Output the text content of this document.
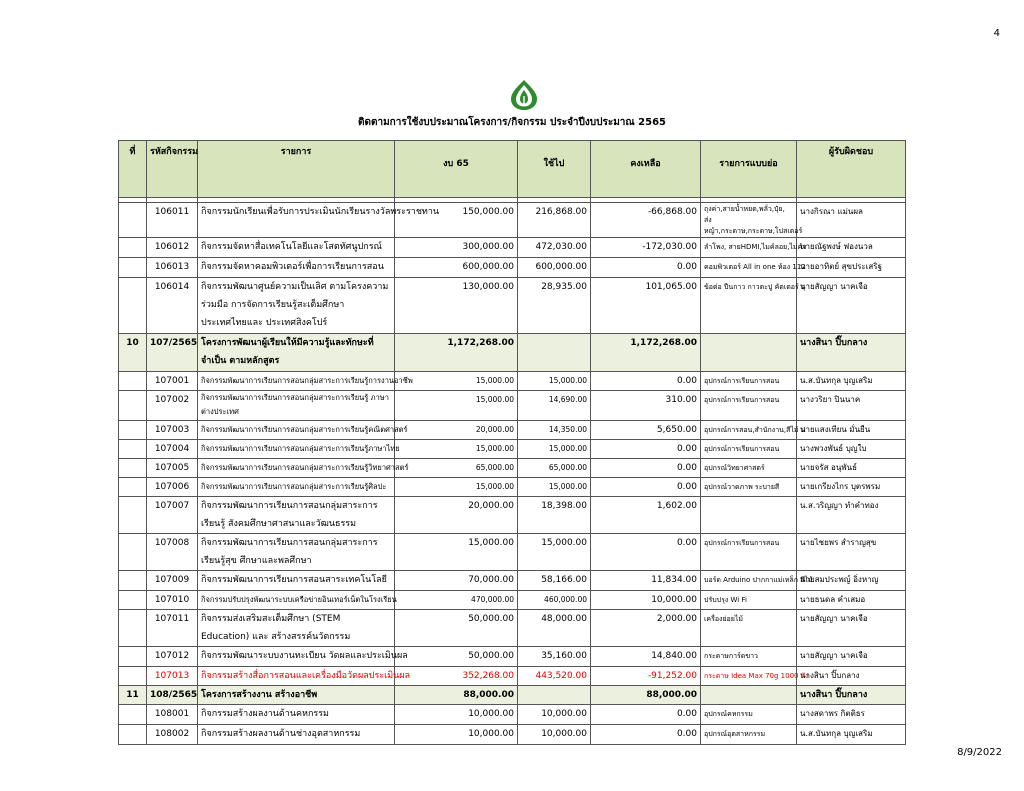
4
ติดตามการใช้งบประมาณโครงการ/กิจกรรม ประจำปีงบประมาณ 2565
ที่	รหัสกิจกรรม	รายการ	งบ 65	ใช้ไป	คงเหลือ	รายการแบบย่อ	ผู้รับผิดชอบ

	106011	กิจกรรมนักเรียนเพื่อรับการประเมินนักเรียนรางวัลพระราชทาน	150,000.00	216,868.00	-66,868.00	ถุงค่า,สายน้ำหยด,พลั่ว,ปุ๋ย, ส่งหญ้า,กระดาษ,กระดาษ,โปสเตอร์	นางกิรณา แม่นผล
	106012	กิจกรรมจัดหาสื่อเทคโนโลยีและโสตทัศนูปกรณ์	300,000.00	472,030.00	-172,030.00	ลำโพง, สายHDMI,ไมค์ลอย,ไมค์ฯ	นายณัฐพงษ์ ฟองนวล
	106013	กิจกรรมจัดหาคอมพิวเตอร์เพื่อการเรียนการสอน	600,000.00	600,000.00	0.00	คอมพิวเตอร์ All in one ห้อง 112	นายอาทิตย์ สุขประเสริฐ
	106014	กิจกรรมพัฒนาศูนย์ความเป็นเลิศ ตามโครงความร่วมมือ การจัดการเรียนรู้สะเต็มศึกษา ประเทศไทยและ ประเทศสิงคโปร์	130,000.00	28,935.00	101,065.00	ข้อต่อ ปืนกาว กาวตะปู คัตเตอร์ อุ	นายสัญญา นาคเจือ
10	107/2565	โครงการพัฒนาผู้เรียนให้มีความรู้และทักษะที่จำเป็น ตามหลักสูตร	1,172,268.00		1,172,268.00		นางสินา ปิ๊บกลาง
	107001	กิจกรรมพัฒนาการเรียนการสอนกลุ่มสาระการเรียนรู้การงานอาชีพ	15,000.00	15,000.00	0.00	อุปกรณ์การเรียนการสอน	น.ส.บันทกุล บุญเสริม
	107002	กิจกรรมพัฒนาการเรียนการสอนกลุ่มสาระการเรียนรู้ ภาษาต่างประเทศ	15,000.00	14,690.00	310.00	อุปกรณ์การเรียนการสอน	นางวริยา ปินนาค
	107003	กิจกรรมพัฒนาการเรียนการสอนกลุ่มสาระการเรียนรู้คณิตศาสตร์	20,000.00	14,350.00	5,650.00	อุปกรณ์การสอน,สำนักงาน,สีไม้ ป	นายแสงเทียน มั่นยืน
	107004	กิจกรรมพัฒนาการเรียนการสอนกลุ่มสาระการเรียนรู้ภาษาไทย	15,000.00	15,000.00	0.00	อุปกรณ์การเรียนการสอน	นางพวงพันธ์ บุญใบ
	107005	กิจกรรมพัฒนาการเรียนการสอนกลุ่มสาระการเรียนรู้วิทยาศาสตร์	65,000.00	65,000.00	0.00	อุปกรณ์วิทยาศาสตร์	นายจรัส อนุพันธ์
	107006	กิจกรรมพัฒนาการเรียนการสอนกลุ่มสาระการเรียนรู้ศิลปะ	15,000.00	15,000.00	0.00	อุปกรณ์วาดภาพ ระบายสี	นายเกรียงไกร บุตรพรม
	107007	กิจกรรมพัฒนาการเรียนการสอนกลุ่มสาระการเรียนรู้ สังคมศึกษาศาสนาและวัฒนธรรม	20,000.00	18,398.00	1,602.00		น.ส.วริญญา ทำคำทอง
	107008	กิจกรรมพัฒนาการเรียนการสอนกลุ่มสาระการเรียนรู้สุข ศึกษาและพลศึกษา	15,000.00	15,000.00	0.00	อุปกรณ์การเรียนการสอน	นายไชยพร สำราญสุข
	107009	กิจกรรมพัฒนาการเรียนการสอนสาระเทคโนโลยี	70,000.00	58,166.00	11,834.00	บอร์ด Arduino ปากกาแม่เหล็ก สีไม้	นายสมประพญ์ อิ่งหาญ
	107010	กิจกรรมปรับปรุงพัฒนาระบบเครือข่ายอินเทอร์เน็ตในโรงเรียน	470,000.00	460,000.00	10,000.00	ปรับปรุง Wi Fi	นายธนดล คำเสมอ
	107011	กิจกรรมส่งเสริมสะเต็มศึกษา (STEM Education) และ สร้างสรรค์นวัตกรรม	50,000.00	48,000.00	2,000.00	เครื่องย่อยไม้	นายสัญญา นาคเจือ
	107012	กิจกรรมพัฒนาระบบงานทะเบียน วัดผลและประเมินผล	50,000.00	35,160.00	14,840.00	กระดาษการ์ดขาว	นายสัญญา นาคเจือ
	107013	กิจกรรมสร้างสื่อการสอนและเครื่องมือวัดผลประเมินผล	352,268.00	443,520.00	-91,252.00	กระดาษ Idea Max 70g 1000 ลัง	นางสินา ปิ๊บกลาง
11	108/2565	โครงการสร้างงาน สร้างอาชีพ	88,000.00		88,000.00		นางสินา ปิ๊บกลาง
	108001	กิจกรรมสร้างผลงานด้านคหกรรม	10,000.00	10,000.00	0.00	อุปกรณ์คหกรรม	นางสดาพร กิตติธร
	108002	กิจกรรมสร้างผลงานด้านช่างอุตสาหกรรม	10,000.00	10,000.00	0.00	อุปกรณ์อุตสาหกรรม	น.ส.บันทกุล บุญเสริม
8/9/2022
